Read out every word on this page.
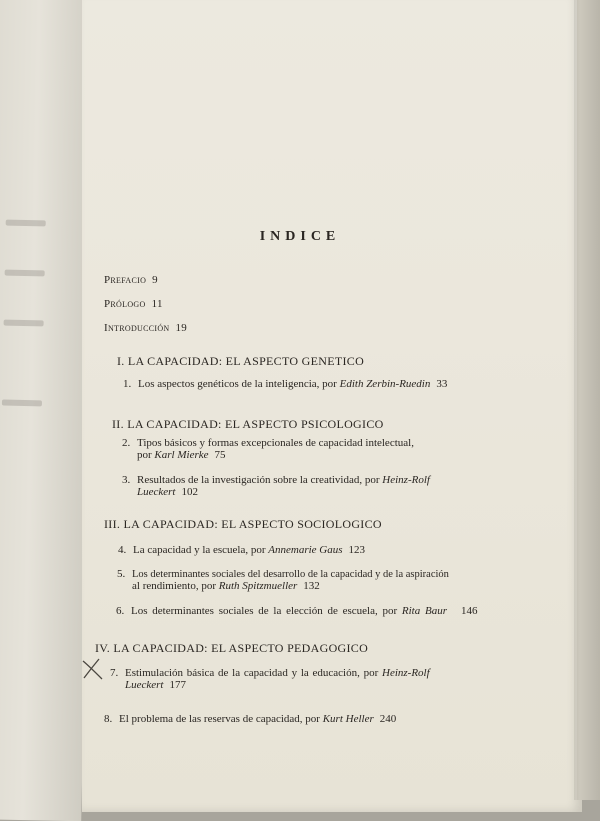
INDICE
Prefacio 9
Prólogo 11
Introducción 19
I. LA CAPACIDAD: EL ASPECTO GENETICO
1. Los aspectos genéticos de la inteligencia, por Edith Zerbin-Ruedin 33
II. LA CAPACIDAD: EL ASPECTO PSICOLOGICO
2. Tipos básicos y formas excepcionales de capacidad intelectual,
por Karl Mierke 75
3. Resultados de la investigación sobre la creatividad, por Heinz-Rolf
Lueckert 102
III. LA CAPACIDAD: EL ASPECTO SOCIOLOGICO
4. La capacidad y la escuela, por Annemarie Gaus 123
5. Los determinantes sociales del desarrollo de la capacidad y de la aspiración
al rendimiento, por Ruth Spitzmueller 132
6. Los determinantes sociales de la elección de escuela, por Rita Baur 146
IV. LA CAPACIDAD: EL ASPECTO PEDAGOGICO
7. Estimulación básica de la capacidad y la educación, por Heinz-Rolf
Lueckert 177
8. El problema de las reservas de capacidad, por Kurt Heller 240
